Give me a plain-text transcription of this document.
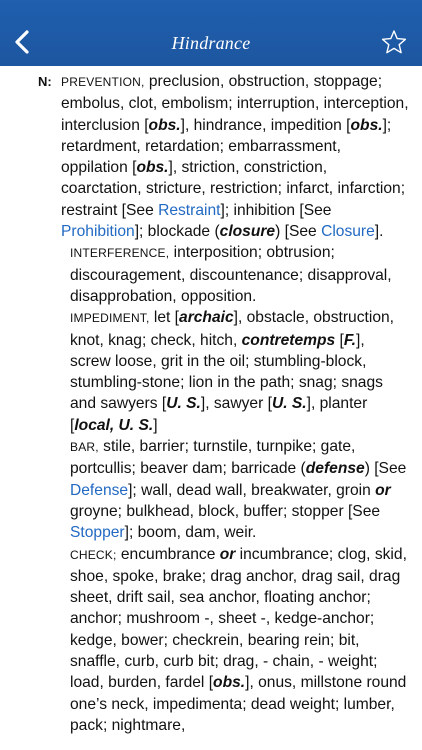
Hindrance
N: PREVENTION, preclusion, obstruction, stoppage; embolus, clot, embolism; interruption, interception, interclusion [obs.], hindrance, impedition [obs.]; retardment, retardation; embarrassment, oppilation [obs.], striction, constriction, coarctation, stricture, restriction; infarct, infarction; restraint [See Restraint]; inhibition [See Prohibition]; blockade (closure) [See Closure].
INTERFERENCE, interposition; obtrusion; discouragement, discountenance; disapproval, disapprobation, opposition.
IMPEDIMENT, let [archaic], obstacle, obstruction, knot, knag; check, hitch, contretemps [F.], screw loose, grit in the oil; stumbling-block, stumbling-stone; lion in the path; snag; snags and sawyers [U. S.], sawyer [U. S.], planter [local, U. S.]
BAR, stile, barrier; turnstile, turnpike; gate, portcullis; beaver dam; barricade (defense) [See Defense]; wall, dead wall, breakwater, groin or groyne; bulkhead, block, buffer; stopper [See Stopper]; boom, dam, weir.
CHECK; encumbrance or incumbrance; clog, skid, shoe, spoke, brake; drag anchor, drag sail, drag sheet, drift sail, sea anchor, floating anchor; anchor; mushroom -, sheet -, kedge-anchor; kedge, bower; checkrein, bearing rein; bit, snaffle, curb, curb bit; drag, - chain, - weight; load, burden, fardel [obs.], onus, millstone round one’s neck, impedimenta; dead weight; lumber, pack; nightmare,
